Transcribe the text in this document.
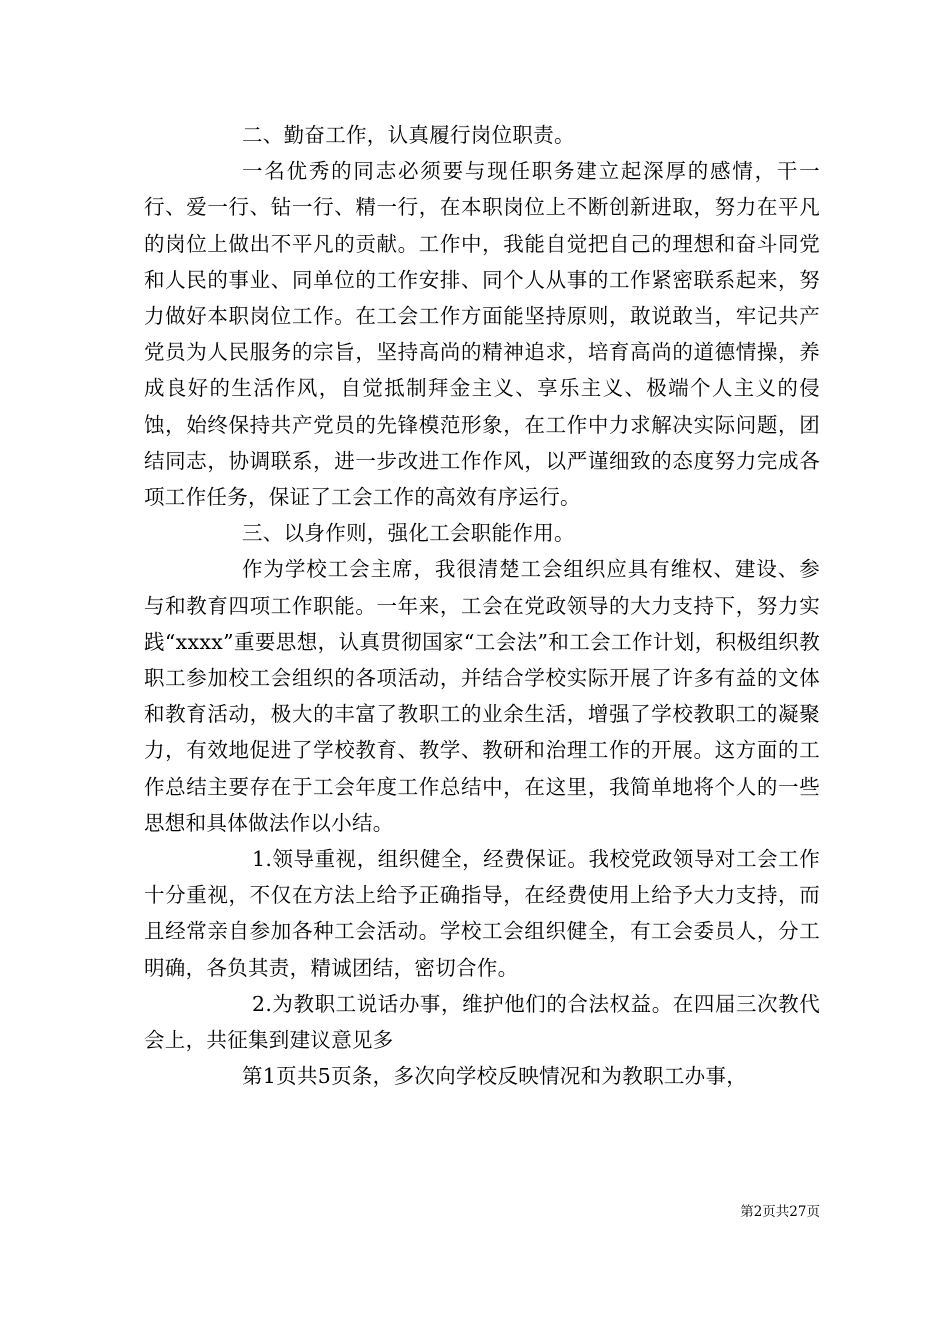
二、勤奋工作，认真履行岗位职责。

一名优秀的同志必须要与现任职务建立起深厚的感情，干一行、爱一行、钻一行、精一行，在本职岗位上不断创新进取，努力在平凡的岗位上做出不平凡的贡献。工作中，我能自觉把自己的理想和奋斗同党和人民的事业、同单位的工作安排、同个人从事的工作紧密联系起来，努力做好本职岗位工作。在工会工作方面能坚持原则，敢说敢当，牢记共产党员为人民服务的宗旨，坚持高尚的精神追求，培育高尚的道德情操，养成良好的生活作风，自觉抵制拜金主义、享乐主义、极端个人主义的侵蚀，始终保持共产党员的先锋模范形象，在工作中力求解决实际问题，团结同志，协调联系，进一步改进工作作风，以严谨细致的态度努力完成各项工作任务，保证了工会工作的高效有序运行。

三、以身作则，强化工会职能作用。

作为学校工会主席，我很清楚工会组织应具有维权、建设、参与和教育四项工作职能。一年来，工会在党政领导的大力支持下，努力实践“xxxx”重要思想，认真贯彻国家“工会法”和工会工作计划，积极组织教职工参加校工会组织的各项活动，并结合学校实际开展了许多有益的文体和教育活动，极大的丰富了教职工的业余生活，增强了学校教职工的凝聚力，有效地促进了学校教育、教学、教研和治理工作的开展。这方面的工作总结主要存在于工会年度工作总结中，在这里，我简单地将个人的一些思想和具体做法作以小结。

1.领导重视，组织健全，经费保证。我校党政领导对工会工作十分重视，不仅在方法上给予正确指导，在经费使用上给予大力支持，而且经常亲自参加各种工会活动。学校工会组织健全，有工会委员人，分工明确，各负其责，精诚团结，密切合作。

2.为教职工说话办事，维护他们的合法权益。在四届三次教代会上，共征集到建议意见多

第1页共5页条，多次向学校反映情况和为教职工办事，

第2页共27页
